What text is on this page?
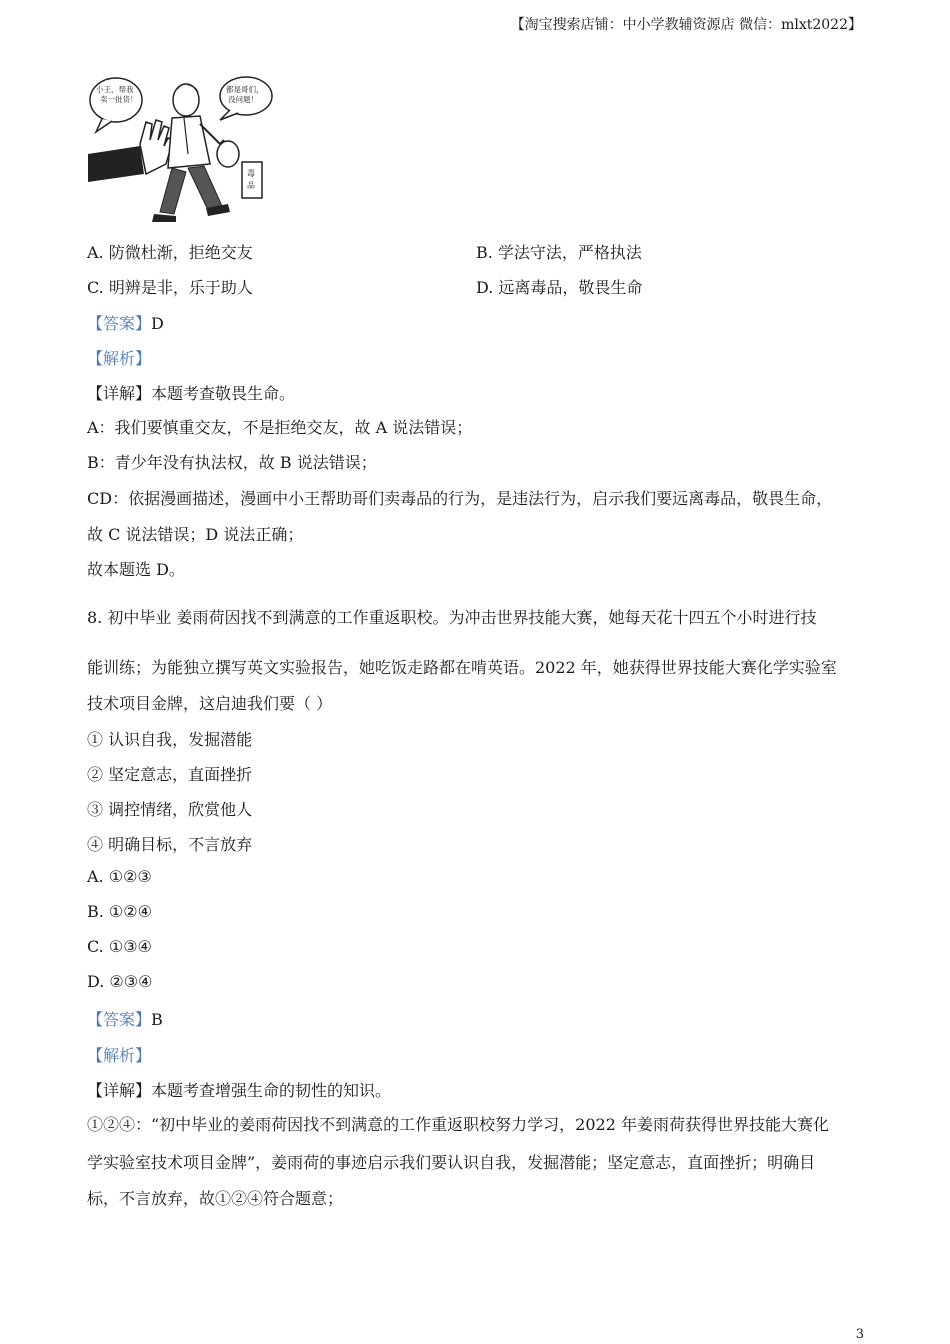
【淘宝搜索店铺：中小学教辅资源店 微信：mlxt2022】
小王，帮我卖一批货！
都是哥们，没问题！
毒品
A. 防微杜渐，拒绝交友	B. 学法守法，严格执法
C. 明辨是非，乐于助人	D. 远离毒品，敬畏生命
【答案】D
【解析】
【详解】本题考查敬畏生命。
A：我们要慎重交友，不是拒绝交友，故 A 说法错误；
B：青少年没有执法权，故 B 说法错误；
CD：依据漫画描述，漫画中小王帮助哥们卖毒品的行为，是违法行为，启示我们要远离毒品，敬畏生命，
故 C 说法错误；D 说法正确；
故本题选 D。
8. 初中毕业 姜雨荷因找不到满意的工作重返职校。为冲击世界技能大赛，她每天花十四五个小时进行技
能训练；为能独立撰写英文实验报告，她吃饭走路都在啃英语。2022 年，她获得世界技能大赛化学实验室
技术项目金牌，这启迪我们要（ ）
① 认识自我，发掘潜能
② 坚定意志，直面挫折
③ 调控情绪，欣赏他人
④ 明确目标，不言放弃
A. ①②③
B. ①②④
C. ①③④
D. ②③④
【答案】B
【解析】
【详解】本题考查增强生命的韧性的知识。
①②④：“初中毕业的姜雨荷因找不到满意的工作重返职校努力学习，2022 年姜雨荷获得世界技能大赛化
学实验室技术项目金牌”，姜雨荷的事迹启示我们要认识自我，发掘潜能；坚定意志，直面挫折；明确目
标，不言放弃，故①②④符合题意；
3
